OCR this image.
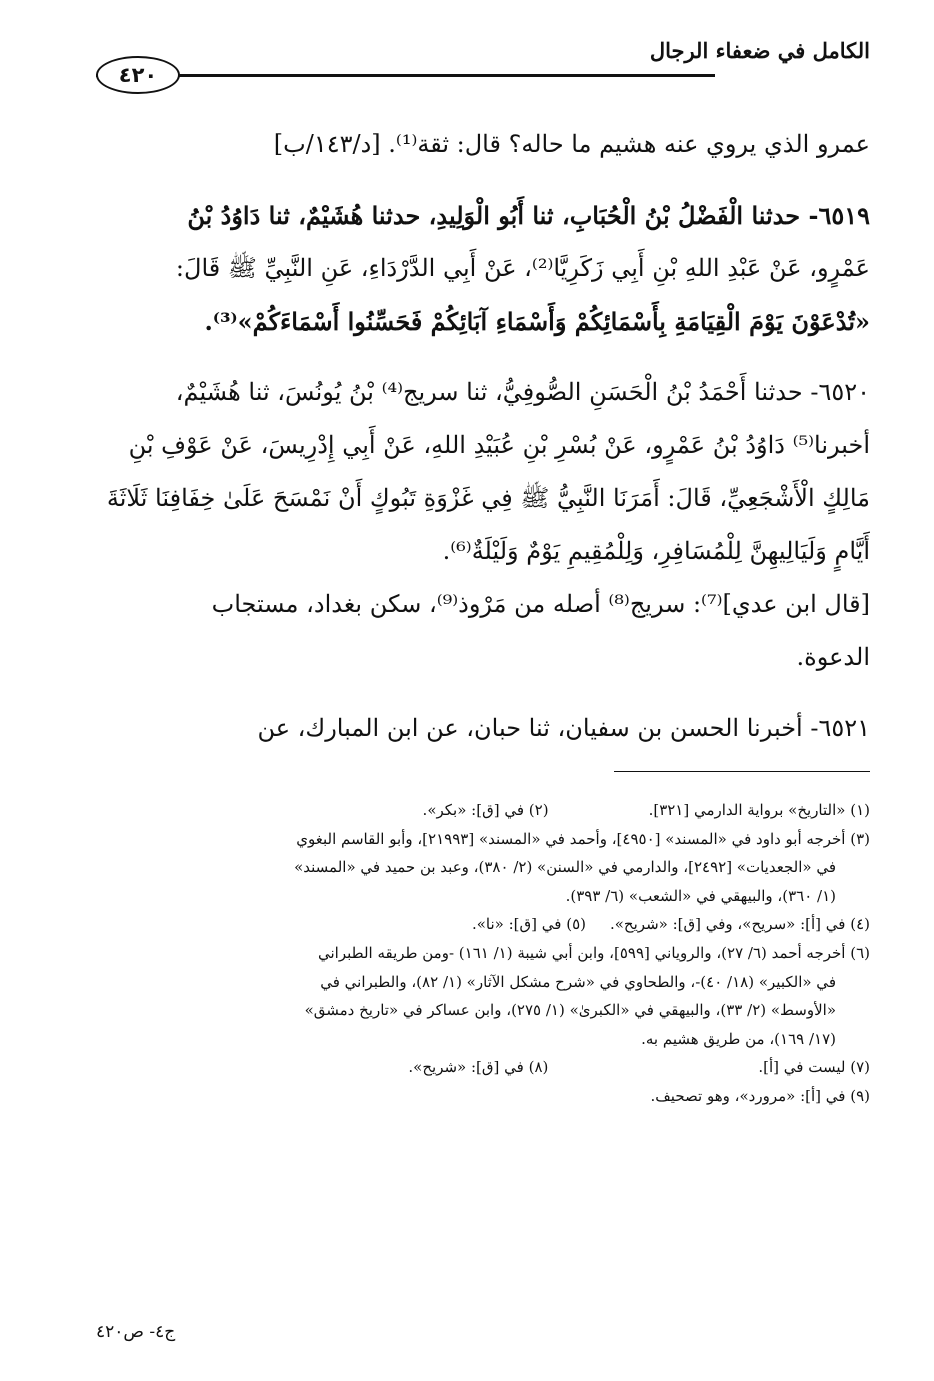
الكامل في ضعفاء الرجال
٤٢٠
عمرو الذي يروي عنه هشيم ما حاله؟ قال: ثقة⁽¹⁾. [د/١٤٣/ب]
٦٥١٩- حدثنا الْفَضْلُ بْنُ الْحُبَابِ، ثنا أَبُو الْوَلِيدِ، حدثنا هُشَيْمٌ، ثنا دَاوُدُ بْنُ
عَمْرٍو، عَنْ عَبْدِ اللهِ بْنِ أَبِي زَكَرِيَّا⁽²⁾، عَنْ أَبِي الدَّرْدَاءِ، عَنِ النَّبِيِّ ﷺ قَالَ:
«تُدْعَوْنَ يَوْمَ الْقِيَامَةِ بِأَسْمَائِكُمْ وَأَسْمَاءِ آبَائِكُمْ فَحَسِّنُوا أَسْمَاءَكُمْ»⁽³⁾.
٦٥٢٠- حدثنا أَحْمَدُ بْنُ الْحَسَنِ الصُّوفِيُّ، ثنا سريج⁽⁴⁾ بْنُ يُونُسَ، ثنا هُشَيْمٌ،
أخبرنا⁽⁵⁾ دَاوُدُ بْنُ عَمْرٍو، عَنْ بُسْرِ بْنِ عُبَيْدِ اللهِ، عَنْ أَبِي إِدْرِيسَ، عَنْ عَوْفِ بْنِ
مَالِكٍ الْأَشْجَعِيِّ، قَالَ: أَمَرَنَا النَّبِيُّ ﷺ فِي غَزْوَةِ تَبُوكٍ أَنْ نَمْسَحَ عَلَىٰ خِفَافِنَا ثَلَاثَةَ
أَيَّامٍ وَلَيَالِيهِنَّ لِلْمُسَافِرِ، وَلِلْمُقِيمِ يَوْمٌ وَلَيْلَةٌ⁽⁶⁾.
[قال ابن عدي]⁽⁷⁾: سريج⁽⁸⁾ أصله من مَرْوذ⁽⁹⁾، سكن بغداد، مستجاب
الدعوة.
٦٥٢١- أخبرنا الحسن بن سفيان، ثنا حبان، عن ابن المبارك، عن
(١) «التاريخ» برواية الدارمي [٣٢١].(٢) في [ق]: «بكر».
(٣) أخرجه أبو داود في «المسند» [٤٩٥٠]، وأحمد في «المسند» [٢١٩٩٣]، وأبو القاسم البغوي
في «الجعديات» [٢٤٩٢]، والدارمي في «السنن» (٢/ ٣٨٠)، وعبد بن حميد في «المسند»
(١/ ٣٦٠)، والبيهقي في «الشعب» (٦/ ٣٩٣).
(٤) في [أ]: «سريح»، وفي [ق]: «شريح».(٥) في [ق]: «نا».
(٦) أخرجه أحمد (٦/ ٢٧)، والروياني [٥٩٩]، وابن أبي شيبة (١/ ١٦١) -ومن طريقه الطبراني
في «الكبير» (١٨/ ٤٠)-، والطحاوي في «شرح مشكل الآثار» (١/ ٨٢)، والطبراني في
«الأوسط» (٢/ ٣٣)، والبيهقي في «الكبرىٰ» (١/ ٢٧٥)، وابن عساكر في «تاريخ دمشق»
(١٧/ ١٦٩)، من طريق هشيم به.
(٧) ليست في [أ].(٨) في [ق]: «شريح».
(٩) في [أ]: «مرورد»، وهو تصحيف.
ج٤- ص٤٢٠
